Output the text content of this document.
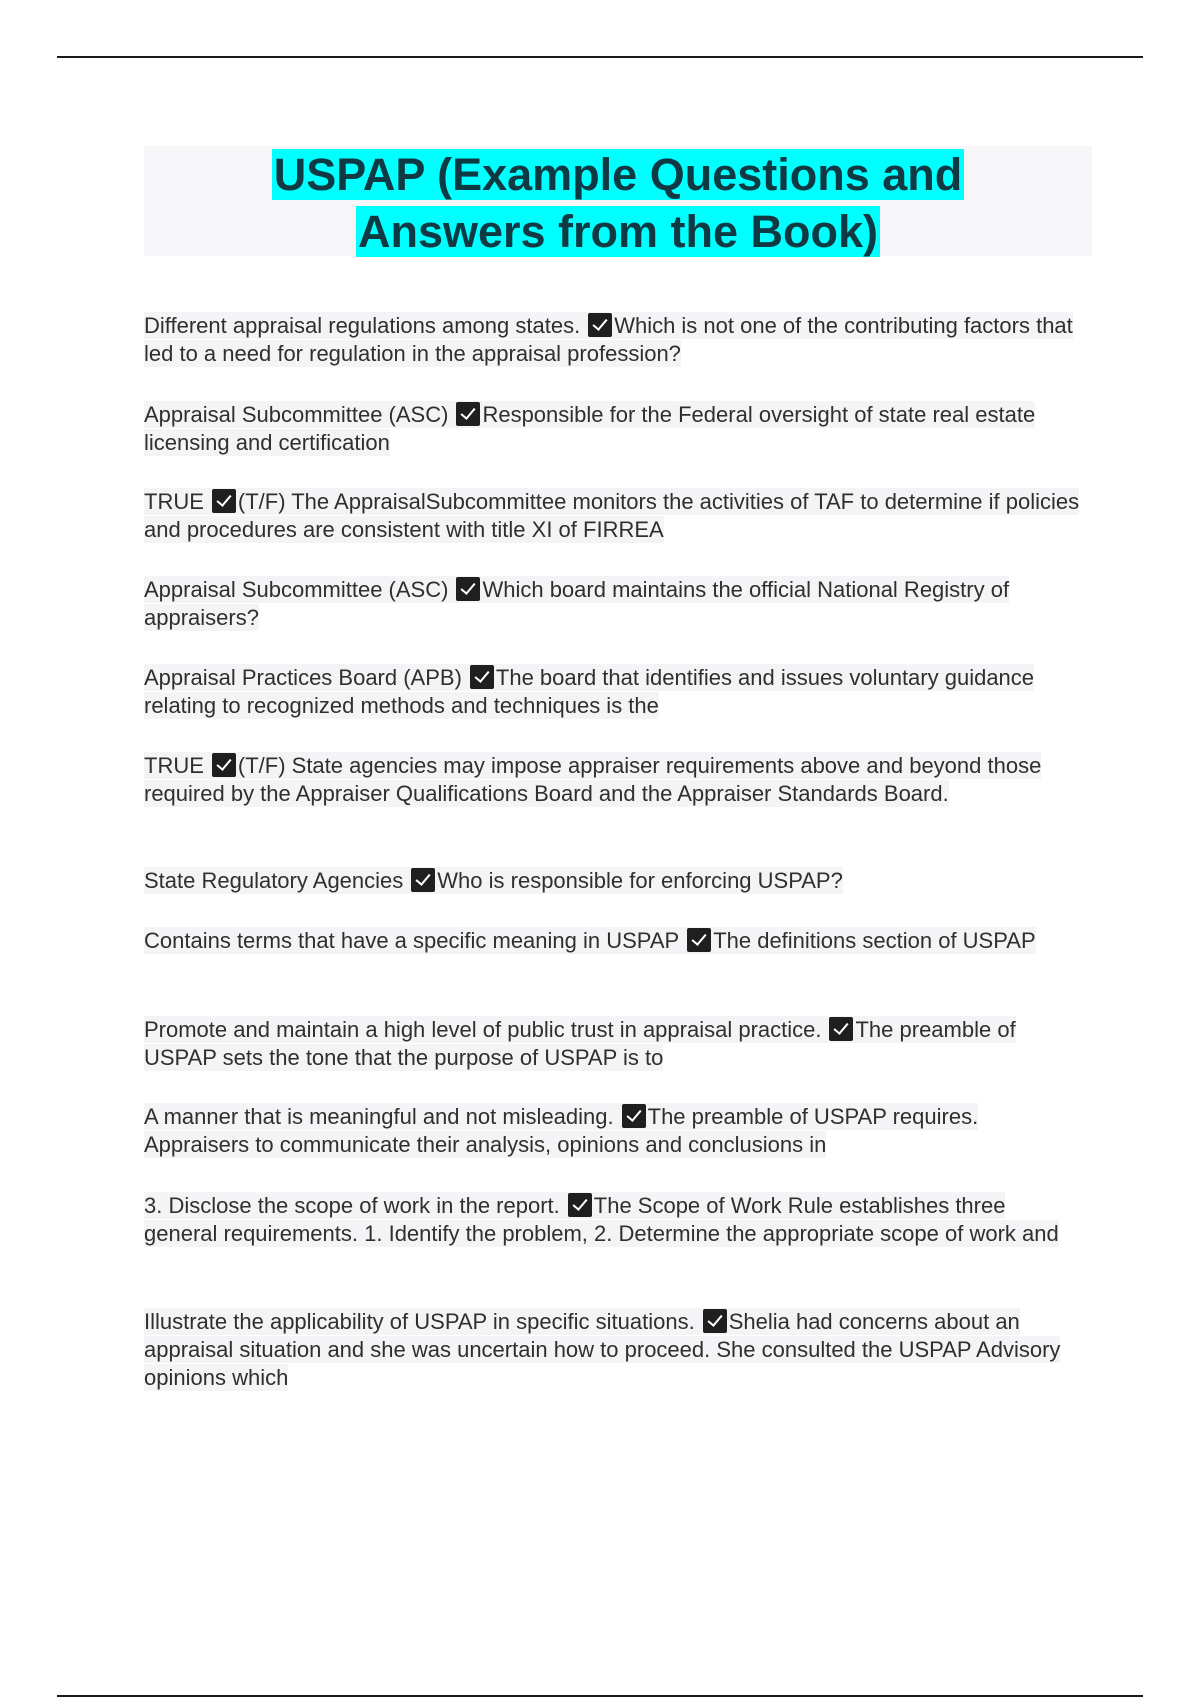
USPAP (Example Questions and
Answers from the Book)
Different appraisal regulations among states. Which is not one of the contributing factors that led to a need for regulation in the appraisal profession?
Appraisal Subcommittee (ASC) Responsible for the Federal oversight of state real estate licensing and certification
TRUE (T/F) The AppraisalSubcommittee monitors the activities of TAF to determine if policies and procedures are consistent with title XI of FIRREA
Appraisal Subcommittee (ASC) Which board maintains the official National Registry of appraisers?
Appraisal Practices Board (APB) The board that identifies and issues voluntary guidance relating to recognized methods and techniques is the
TRUE (T/F) State agencies may impose appraiser requirements above and beyond those required by the Appraiser Qualifications Board and the Appraiser Standards Board.
State Regulatory Agencies Who is responsible for enforcing USPAP?
Contains terms that have a specific meaning in USPAP The definitions section of USPAP
Promote and maintain a high level of public trust in appraisal practice. The preamble of USPAP sets the tone that the purpose of USPAP is to
A manner that is meaningful and not misleading. The preamble of USPAP requires. Appraisers to communicate their analysis, opinions and conclusions in
3. Disclose the scope of work in the report. The Scope of Work Rule establishes three general requirements. 1. Identify the problem, 2. Determine the appropriate scope of work and
Illustrate the applicability of USPAP in specific situations. Shelia had concerns about an appraisal situation and she was uncertain how to proceed. She consulted the USPAP Advisory opinions which
